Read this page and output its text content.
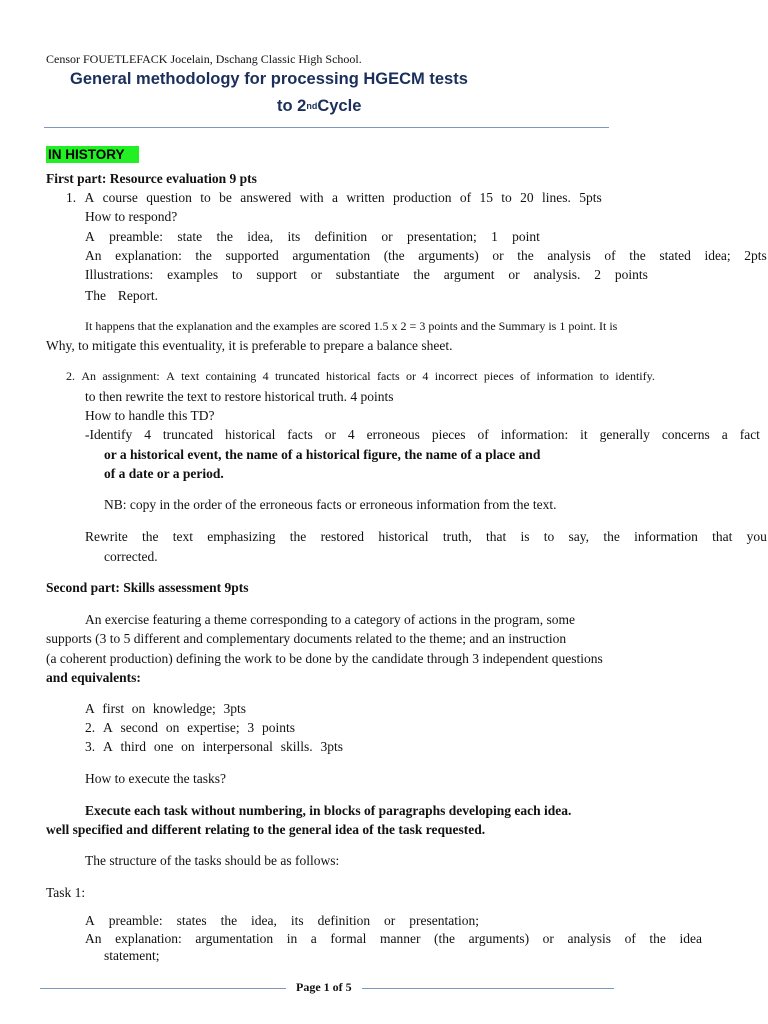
Censor FOUETLEFACK Jocelain, Dschang Classic High School.
General methodology for processing HGECM tests
to 2ndCycle
IN HISTORY
First part: Resource evaluation 9 pts
1. A course question to be answered with a written production of 15 to 20 lines. 5pts
How to respond?
A preamble: state the idea, its definition or presentation; 1 point
An explanation: the supported argumentation (the arguments) or the analysis of the stated idea; 2pts
Illustrations: examples to support or substantiate the argument or analysis. 2 points
The Report.
It happens that the explanation and the examples are scored 1.5 x 2 = 3 points and the Summary is 1 point. It is
Why, to mitigate this eventuality, it is preferable to prepare a balance sheet.
2. An assignment: A text containing 4 truncated historical facts or 4 incorrect pieces of information to identify.
to then rewrite the text to restore historical truth. 4 points
How to handle this TD?
-Identify 4 truncated historical facts or 4 erroneous pieces of information: it generally concerns a fact
or a historical event, the name of a historical figure, the name of a place and
of a date or a period.
NB: copy in the order of the erroneous facts or erroneous information from the text.
Rewrite the text emphasizing the restored historical truth, that is to say, the information that you
corrected.
Second part: Skills assessment 9pts
An exercise featuring a theme corresponding to a category of actions in the program, some
supports (3 to 5 different and complementary documents related to the theme; and an instruction
(a coherent production) defining the work to be done by the candidate through 3 independent questions
and equivalents:
A first on knowledge; 3pts
2. A second on expertise; 3 points
3. A third one on interpersonal skills. 3pts
How to execute the tasks?
Execute each task without numbering, in blocks of paragraphs developing each idea.
well specified and different relating to the general idea of the task requested.
The structure of the tasks should be as follows:
Task 1:
A preamble: states the idea, its definition or presentation;
An explanation: argumentation in a formal manner (the arguments) or analysis of the idea
statement;
Page 1 of 5
